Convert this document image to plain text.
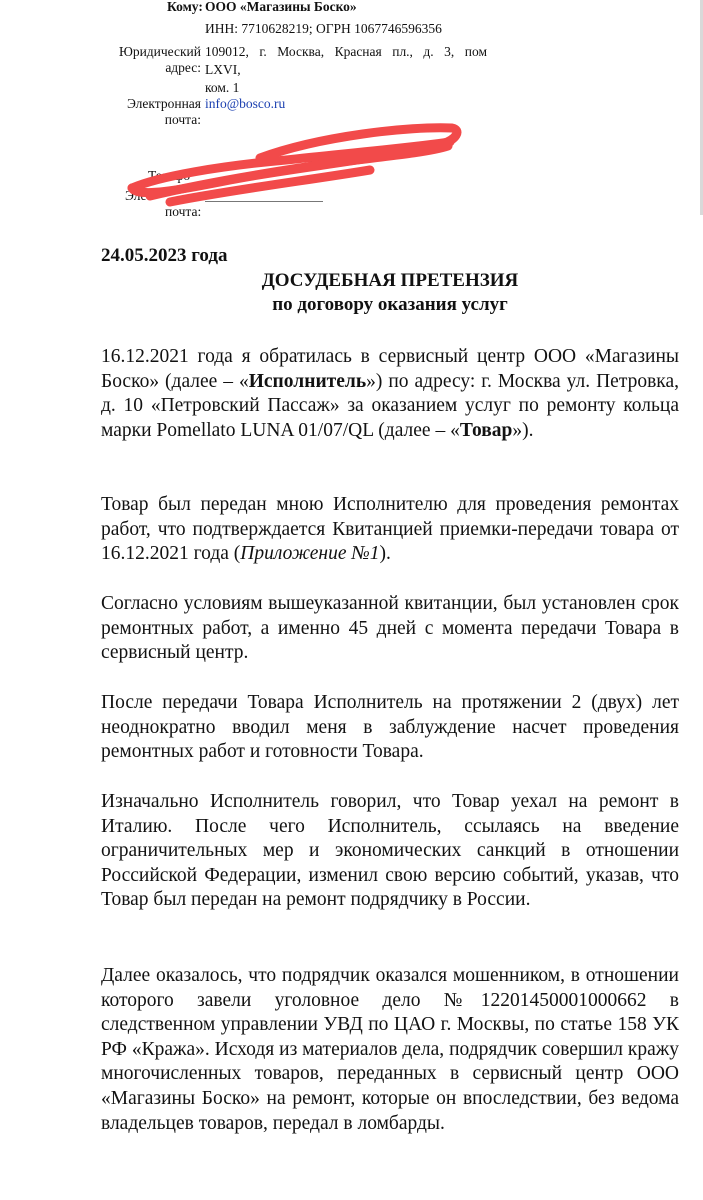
Кому: ООО «Магазины Боско»
ИНН: 7710628219; ОГРН 1067746596356
Юридический адрес:
109012, г. Москва, Красная пл., д. 3, пом
LXVI,
ком. 1
Электронная почта:
info@bosco.ru
ны Олеговны
Телефо
Эле
почта:
24.05.2023 года
ДОСУДЕБНАЯ ПРЕТЕНЗИЯ
по договору оказания услуг
16.12.2021 года я обратилась в сервисный центр ООО «Магазины Боско» (далее – «Исполнитель») по адресу: г. Москва ул. Петровка, д. 10 «Петровский Пассаж» за оказанием услуг по ремонту кольца марки Pomellato LUNA 01/07/QL (далее – «Товар»).
Товар был передан мною Исполнителю для проведения ремонтах работ, что подтверждается Квитанцией приемки-передачи товара от 16.12.2021 года (Приложение №1).
Согласно условиям вышеуказанной квитанции, был установлен срок ремонтных работ, а именно 45 дней с момента передачи Товара в сервисный центр.
После передачи Товара Исполнитель на протяжении 2 (двух) лет неоднократно вводил меня в заблуждение насчет проведения ремонтных работ и готовности Товара.
Изначально Исполнитель говорил, что Товар уехал на ремонт в Италию. После чего Исполнитель, ссылаясь на введение ограничительных мер и экономических санкций в отношении Российской Федерации, изменил свою версию событий, указав, что Товар был передан на ремонт подрядчику в России.
Далее оказалось, что подрядчик оказался мошенником, в отношении которого завели уголовное дело №12201450001000662 в следственном управлении УВД по ЦАО г. Москвы, по статье 158 УК РФ «Кража». Исходя из материалов дела, подрядчик совершил кражу многочисленных товаров, переданных в сервисный центр ООО «Магазины Боско» на ремонт, которые он впоследствии, без ведома владельцев товаров, передал в ломбарды.
